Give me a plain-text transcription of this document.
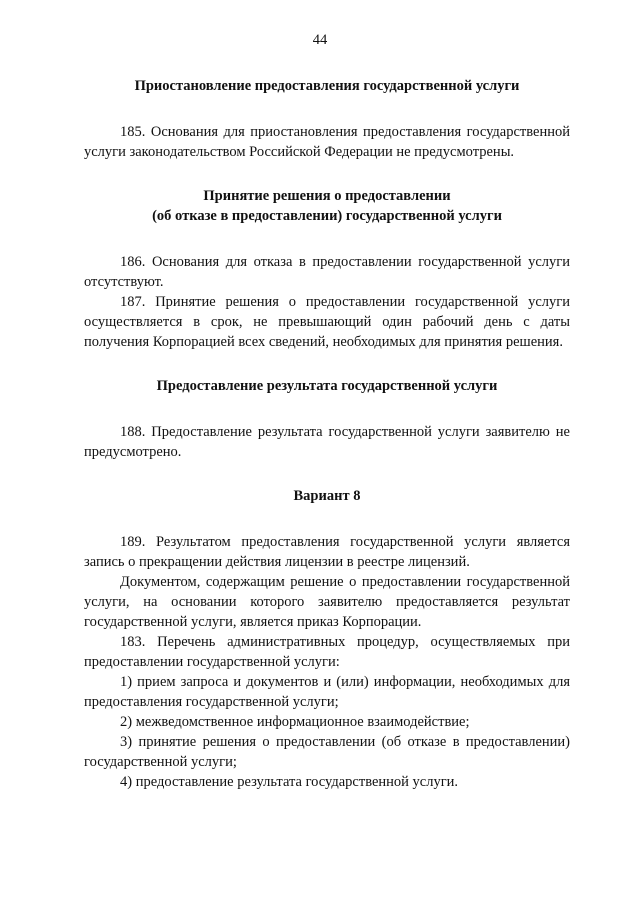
44

Приостановление предоставления государственной услуги

185. Основания для приостановления предоставления государственной услуги законодательством Российской Федерации не предусмотрены.

Принятие решения о предоставлении
(об отказе в предоставлении) государственной услуги

186. Основания для отказа в предоставлении государственной услуги отсутствуют.

187. Принятие решения о предоставлении государственной услуги осуществляется в срок, не превышающий один рабочий день с даты получения Корпорацией всех сведений, необходимых для принятия решения.

Предоставление результата государственной услуги

188. Предоставление результата государственной услуги заявителю не предусмотрено.

Вариант 8

189. Результатом предоставления государственной услуги является запись о прекращении действия лицензии в реестре лицензий.

Документом, содержащим решение о предоставлении государственной услуги, на основании которого заявителю предоставляется результат государственной услуги, является приказ Корпорации.

183. Перечень административных процедур, осуществляемых при предоставлении государственной услуги:

1) прием запроса и документов и (или) информации, необходимых для предоставления государственной услуги;

2) межведомственное информационное взаимодействие;

3) принятие решения о предоставлении (об отказе в предоставлении) государственной услуги;

4) предоставление результата государственной услуги.
